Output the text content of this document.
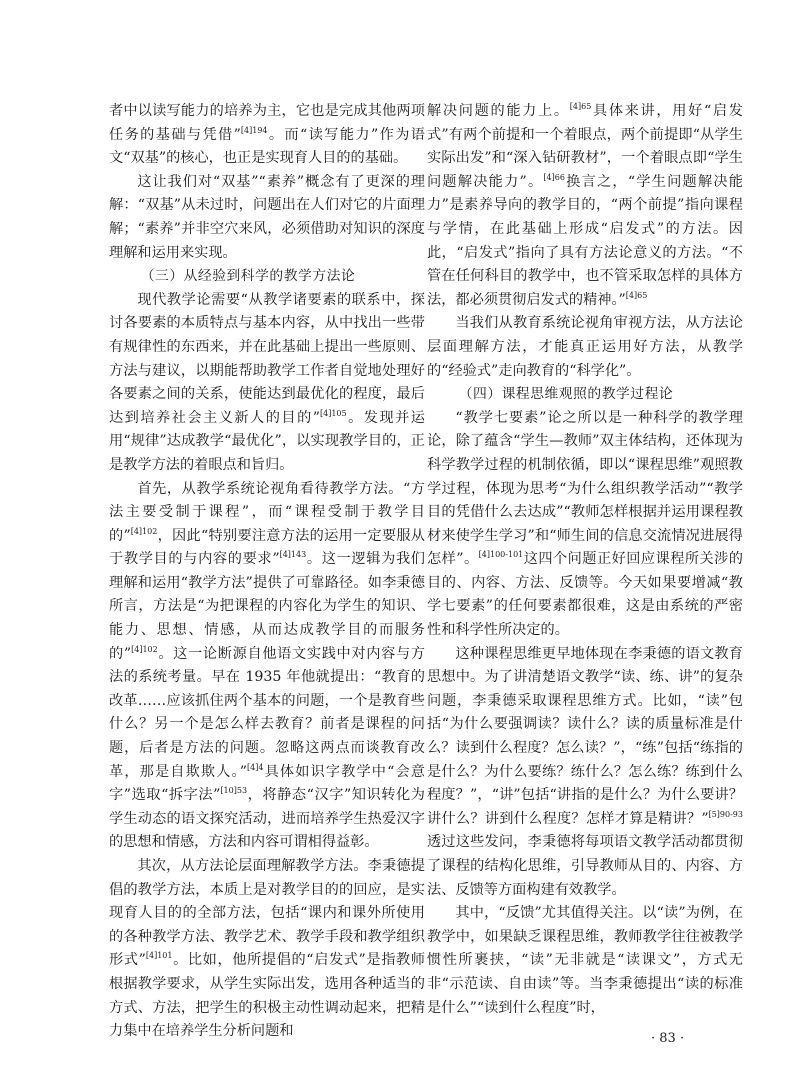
者中以读写能力的培养为主，它也是完成其他两项任务的基础与凭借”$^{[4]194}$。而“读写能力”作为语文“双基”的核心，也正是实现育人目的的基础。

这让我们对“双基”“素养”概念有了更深的理解：“双基”从未过时，问题出在人们对它的片面理解；“素养”并非空穴来风，必须借助对知识的深度理解和运用来实现。

（三）从经验到科学的教学方法论

现代教学论需要“从教学诸要素的联系中，探讨各要素的本质特点与基本内容，从中找出一些带有规律性的东西来，并在此基础上提出一些原则、方法与建议，以期能帮助教学工作者自觉地处理好各要素之间的关系，使能达到最优化的程度，最后达到培养社会主义新人的目的”$^{[4]105}$。发现并运用“规律”达成教学“最优化”，以实现教学目的，正是教学方法的着眼点和旨归。

首先，从教学系统论视角看待教学方法。“方法主要受制于课程”，而“课程受制于教学目的”$^{[4]102}$，因此“特别要注意方法的运用一定要服从于教学目的与内容的要求”$^{[4]143}$。这一逻辑为我们理解和运用“教学方法”提供了可靠路径。如李秉德所言，方法是“为把课程的内容化为学生的知识、能力、思想、情感，从而达成教学目的而服务的”$^{[4]102}$。这一论断源自他语文实践中对内容与方法的系统考量。早在 1935 年他就提出：“教育的改革……应该抓住两个基本的问题，一个是教育些什么？另一个是怎么样去教育？前者是课程的问题，后者是方法的问题。忽略这两点而谈教育改革，那是自欺欺人。”$^{[4]4}$具体如识字教学中“会意字”选取“拆字法”$^{[10]53}$，将静态“汉字”知识转化为学生动态的语文探究活动，进而培养学生热爱汉字的思想和情感，方法和内容可谓相得益彰。

其次，从方法论层面理解教学方法。李秉德提倡的教学方法，本质上是对教学目的的回应，是实现育人目的的全部方法，包括“课内和课外所使用的各种教学方法、教学艺术、教学手段和教学组织形式”$^{[4]101}$。比如，他所提倡的“启发式”是指教师根据教学要求，从学生实际出发，选用各种适当的方式、方法，把学生的积极主动性调动起来，把精力集中在培养学生分析问题和

解决问题的能力上。$^{[4]65}$具体来讲，用好“启发式”有两个前提和一个着眼点，两个前提即“从学生实际出发”和“深入钻研教材”，一个着眼点即“学生问题解决能力”。$^{[4]66}$换言之，“学生问题解决能力”是素养导向的教学目的，“两个前提”指向课程与学情，在此基础上形成“启发式”的方法。因此，“启发式”指向了具有方法论意义的方法。“不管在任何科目的教学中，也不管采取怎样的具体方法，都必须贯彻启发式的精神。”$^{[4]65}$

当我们从教育系统论视角审视方法，从方法论层面理解方法，才能真正运用好方法，从教学的“经验式”走向教育的“科学化”。

（四）课程思维观照的教学过程论

“教学七要素”论之所以是一种科学的教学理论，除了蕴含“学生—教师”双主体结构，还体现为科学教学过程的机制依循，即以“课程思维”观照教学过程，体现为思考“为什么组织教学活动”“教学目的凭借什么去达成”“教师怎样根据并运用课程教材来使学生学习”和“师生间的信息交流情况进展得怎样”。$^{[4]100-101}$这四个问题正好回应课程所关涉的目的、内容、方法、反馈等。今天如果要增减“教学七要素”的任何要素都很难，这是由系统的严密性和科学性所决定的。

这种课程思维更早地体现在李秉德的语文教育思想中。为了讲清楚语文教学“读、练、讲”的复杂问题，李秉德采取课程思维方式。比如，“读”包括“为什么要强调读？读什么？读的质量标准是什么？读到什么程度？怎么读？”，“练”包括“练指的是什么？为什么要练？练什么？怎么练？练到什么程度？”，“讲”包括“讲指的是什么？为什么要讲？讲什么？讲到什么程度？怎样才算是精讲？”$^{[5]90-93}$透过这些发问，李秉德将每项语文教学活动都贯彻了课程的结构化思维，引导教师从目的、内容、方法、反馈等方面构建有效教学。

其中，“反馈”尤其值得关注。以“读”为例，在教学中，如果缺乏课程思维，教师教学往往被教学惯性所裹挟，“读”无非就是“读课文”，方式无非“示范读、自由读”等。当李秉德提出“读的标准是什么”“读到什么程度”时，

· 83 ·
